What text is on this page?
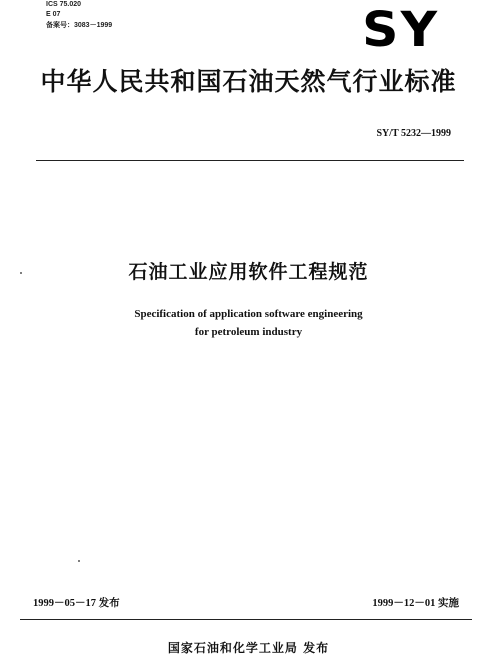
ICS 75.020
E 07
备案号：3083－1999	SY
中华人民共和国石油天然气行业标准
SY/T 5232—1999
石油工业应用软件工程规范
Specification of application software engineering
for petroleum industry
1999－05－17 发布	1999－12－01 实施
国家石油和化学工业局 发布
